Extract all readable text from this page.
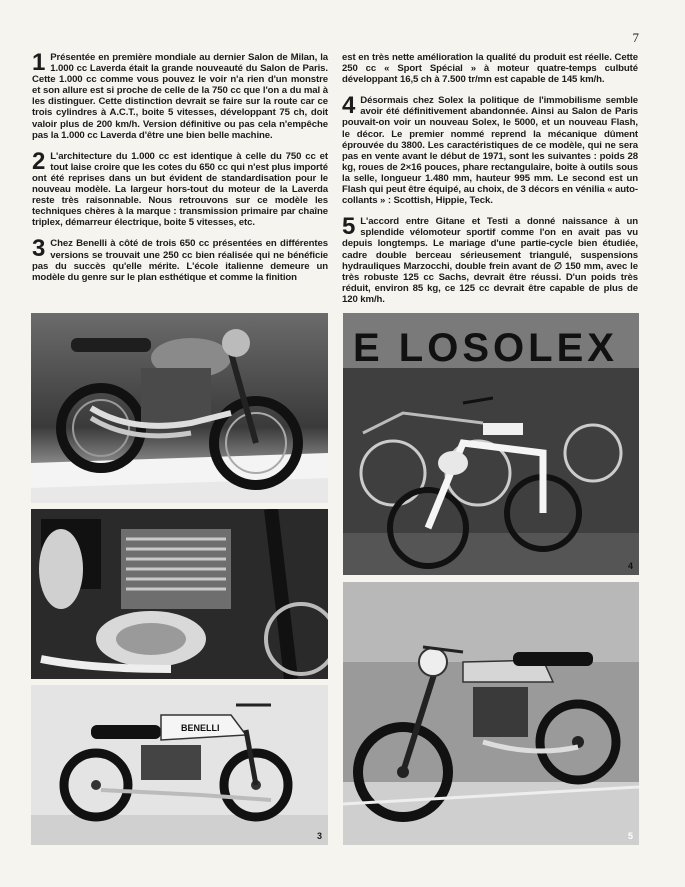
7

1 Présentée en première mondiale au dernier Salon de Milan, la 1.000 cc Laverda était la grande nouveauté du Salon de Paris. Cette 1.000 cc comme vous pouvez le voir n'a rien d'un monstre et son allure est si proche de celle de la 750 cc que l'on a du mal à les distinguer. Cette distinction devrait se faire sur la route car ce trois cylindres à A.C.T., boite 5 vitesses, développant 75 ch, doit valoir plus de 200 km/h. Version définitive ou pas cela n'empêche pas la 1.000 cc Laverda d'être une bien belle machine.

2 L'architecture du 1.000 cc est identique à celle du 750 cc et tout laise croire que les cotes du 650 cc qui n'est plus importé ont été reprises dans un but évident de standardisation pour le nouveau modèle. La largeur hors-tout du moteur de la Laverda reste très raisonnable. Nous retrouvons sur ce modèle les techniques chères à la marque : transmission primaire par chaîne triplex, démarreur électrique, boite 5 vitesses, etc.

3 Chez Benelli à côté de trois 650 cc présentées en différentes versions se trouvait une 250 cc bien réalisée qui ne bénéficie pas du succès qu'elle mérite. L'école italienne demeure un modèle du genre sur le plan esthétique et comme la finition

est en très nette amélioration la qualité du produit est réelle. Cette 250 cc « Sport Spécial » à moteur quatre-temps culbuté développant 16,5 ch à 7.500 tr/mn est capable de 145 km/h.

4 Désormais chez Solex la politique de l'immobilisme semble avoir été définitivement abandonnée. Ainsi au Salon de Paris pouvait-on voir un nouveau Solex, le 5000, et un nouveau Flash, le décor. Le premier nommé reprend la mécanique dûment éprouvée du 3800. Les caractéristiques de ce modèle, qui ne sera pas en vente avant le début de 1971, sont les suivantes : poids 28 kg, roues de 2×16 pouces, phare rectangulaire, boite à outils sous la selle, longueur 1.480 mm, hauteur 995 mm. Le second est un Flash qui peut être équipé, au choix, de 3 décors en vénilia « auto-collants » : Scottish, Hippie, Teck.

5 L'accord entre Gitane et Testi a donné naissance à un splendide vélomoteur sportif comme l'on en avait pas vu depuis longtemps. Le mariage d'une partie-cycle bien étudiée, cadre double berceau sérieusement triangulé, suspensions hydrauliques Marzocchi, double frein avant de ∅ 150 mm, avec le très robuste 125 cc Sachs, devrait être réussi. D'un poids très réduit, environ 85 kg, ce 125 cc devrait être capable de plus de 120 km/h.

BENELLI
3
E LOSOLEX
4
5
